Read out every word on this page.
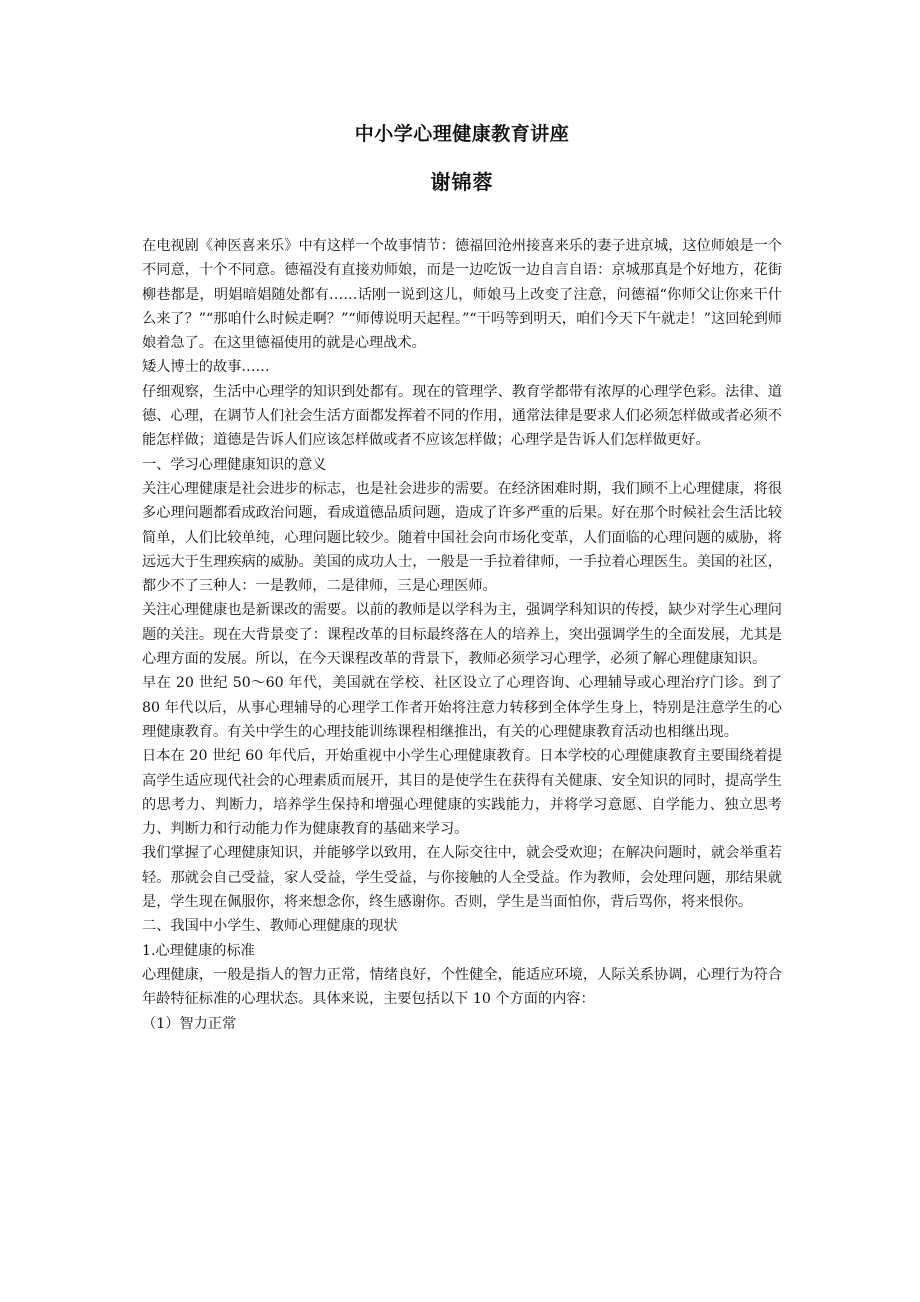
中小学心理健康教育讲座
谢锦蓉

在电视剧《神医喜来乐》中有这样一个故事情节：德福回沧州接喜来乐的妻子进京城，这位师娘是一个不同意，十个不同意。德福没有直接劝师娘，而是一边吃饭一边自言自语：京城那真是个好地方，花街柳巷都是，明娼暗娼随处都有……话刚一说到这儿，师娘马上改变了注意，问德福“你师父让你来干什么来了？”“那咱什么时候走啊？”“师傅说明天起程。”“干吗等到明天，咱们今天下午就走！”这回轮到师娘着急了。在这里德福使用的就是心理战术。

矮人博士的故事……

仔细观察，生活中心理学的知识到处都有。现在的管理学、教育学都带有浓厚的心理学色彩。法律、道德、心理，在调节人们社会生活方面都发挥着不同的作用，通常法律是要求人们必须怎样做或者必须不能怎样做；道德是告诉人们应该怎样做或者不应该怎样做；心理学是告诉人们怎样做更好。

一、学习心理健康知识的意义

关注心理健康是社会进步的标志，也是社会进步的需要。在经济困难时期，我们顾不上心理健康，将很多心理问题都看成政治问题，看成道德品质问题，造成了许多严重的后果。好在那个时候社会生活比较简单，人们比较单纯，心理问题比较少。随着中国社会向市场化变革，人们面临的心理问题的威胁，将远远大于生理疾病的威胁。美国的成功人士，一般是一手拉着律师，一手拉着心理医生。美国的社区，都少不了三种人：一是教师，二是律师，三是心理医师。

关注心理健康也是新课改的需要。以前的教师是以学科为主，强调学科知识的传授，缺少对学生心理问题的关注。现在大背景变了：课程改革的目标最终落在人的培养上，突出强调学生的全面发展，尤其是心理方面的发展。所以，在今天课程改革的背景下，教师必须学习心理学，必须了解心理健康知识。

早在 20 世纪 50～60 年代，美国就在学校、社区设立了心理咨询、心理辅导或心理治疗门诊。到了 80 年代以后，从事心理辅导的心理学工作者开始将注意力转移到全体学生身上，特别是注意学生的心理健康教育。有关中学生的心理技能训练课程相继推出，有关的心理健康教育活动也相继出现。

日本在 20 世纪 60 年代后，开始重视中小学生心理健康教育。日本学校的心理健康教育主要围绕着提高学生适应现代社会的心理素质而展开，其目的是使学生在获得有关健康、安全知识的同时，提高学生的思考力、判断力，培养学生保持和增强心理健康的实践能力，并将学习意愿、自学能力、独立思考力、判断力和行动能力作为健康教育的基础来学习。

我们掌握了心理健康知识，并能够学以致用，在人际交往中，就会受欢迎；在解决问题时，就会举重若轻。那就会自己受益，家人受益，学生受益，与你接触的人全受益。作为教师，会处理问题，那结果就是，学生现在佩服你，将来想念你，终生感谢你。否则，学生是当面怕你，背后骂你，将来恨你。

二、我国中小学生、教师心理健康的现状

1.心理健康的标准

心理健康，一般是指人的智力正常，情绪良好，个性健全，能适应环境，人际关系协调，心理行为符合年龄特征标准的心理状态。具体来说，主要包括以下 10 个方面的内容：

（1）智力正常
